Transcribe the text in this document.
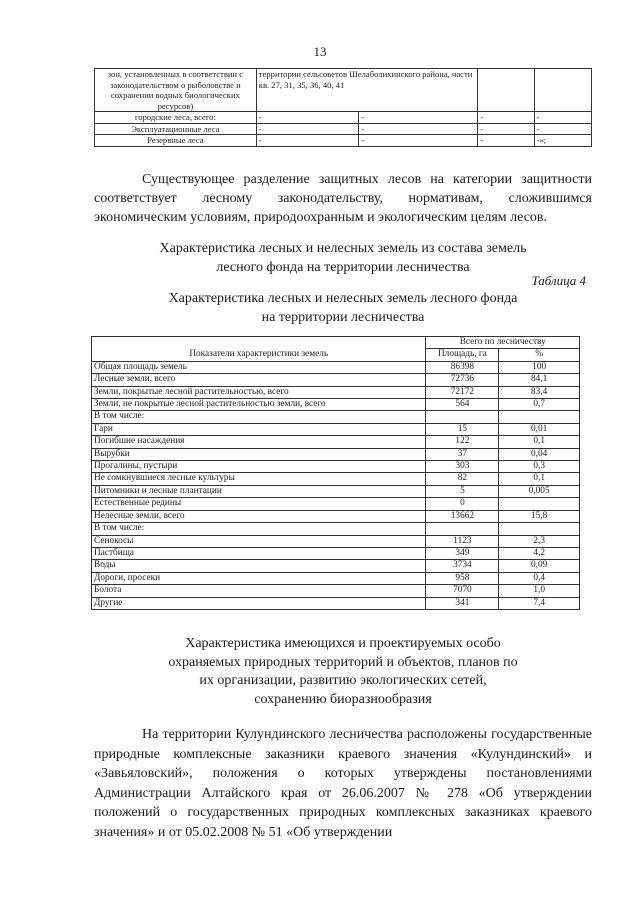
13
зон, установленных в соответствии с законодательством о рыболовстве и сохранении водных биологических ресурсов)	территории сельсоветов Шелаболихинского района, части кв. 27, 31, 35, 36, 40, 41			
городские леса, всего:	-	-	-	-
Эксплуатационные леса	-	-	-	-
Резервные леса	-	-	-	-»;
Существующее разделение защитных лесов на категории защитности соответствует лесному законодательству, нормативам, сложившимся экономическим условиям, природоохранным и экологическим целям лесов.
Характеристика лесных и нелесных земель из состава земель
лесного фонда на территории лесничества
Таблица 4
Характеристика лесных и нелесных земель лесного фонда
на территории лесничества
Показатели характеристики земель	Всего по лесничеству	
	Площадь, га	%
Общая площадь земель	86398	100
Лесные земли, всего	72736	84,1
Земли, покрытые лесной растительностью, всего	72172	83,4
Земли, не покрытые лесной растительностью земли, всего	564	0,7
В том числе:		
Гари	15	0,01
Погибшие насаждения	122	0,1
Вырубки	37	0,04
Прогалины, пустыри	303	0,3
Не сомкнувшиеся лесные культуры	82	0,1
Питомники и лесные плантации	5	0,005
Естественные редины	0	
Нелесные земли, всего	13662	15,8
В том числе:		
Сенокосы	1123	2,3
Пастбища	349	4,2
Воды	3734	0,09
Дороги, просеки	958	0,4
Болота	7070	1,0
Другие	341	7,4
Характеристика имеющихся и проектируемых особо
охраняемых природных территорий и объектов, планов по
их организации, развитию экологических сетей,
сохранению биоразнообразия
На территории Кулундинского лесничества расположены государственные природные комплексные заказники краевого значения «Кулундинский» и «Завьяловский», положения о которых утверждены постановлениями Администрации Алтайского края от 26.06.2007 № 278 «Об утверждении положений о государственных природных комплексных заказниках краевого значения» и от 05.02.2008 № 51 «Об утверждении
